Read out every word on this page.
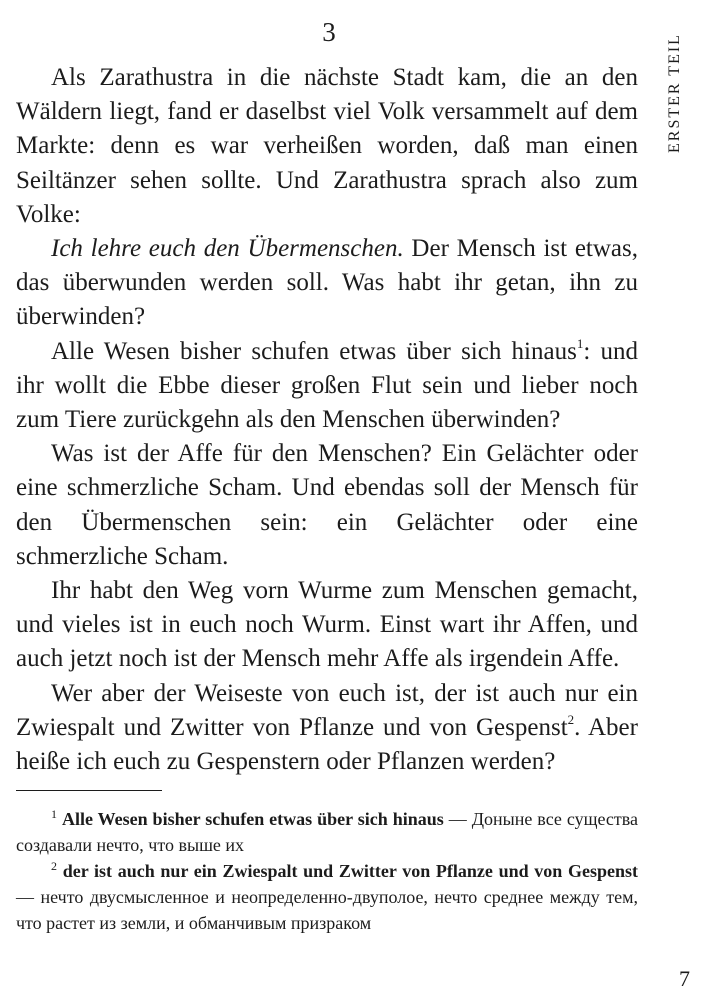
3
ERSTER TEIL

Als Zarathustra in die nächste Stadt kam, die an den Wäldern liegt, fand er daselbst viel Volk versammelt auf dem Markte: denn es war verheißen worden, daß man einen Seiltänzer sehen sollte. Und Zarathustra sprach also zum Volke:

Ich lehre euch den Übermenschen. Der Mensch ist etwas, das überwunden werden soll. Was habt ihr getan, ihn zu überwinden?

Alle Wesen bisher schufen etwas über sich hinaus$^1$: und ihr wollt die Ebbe dieser großen Flut sein und lieber noch zum Tiere zurückgehn als den Menschen überwinden?

Was ist der Affe für den Menschen? Ein Gelächter oder eine schmerzliche Scham. Und ebendas soll der Mensch für den Übermenschen sein: ein Gelächter oder eine schmerzliche Scham.

Ihr habt den Weg vorn Wurme zum Menschen gemacht, und vieles ist in euch noch Wurm. Einst wart ihr Affen, und auch jetzt noch ist der Mensch mehr Affe als irgendein Affe.

Wer aber der Weiseste von euch ist, der ist auch nur ein Zwiespalt und Zwitter von Pflanze und von Gespenst$^2$. Aber heiße ich euch zu Gespenstern oder Pflanzen werden?

$^1$ Alle Wesen bisher schufen etwas über sich hinaus — Доныне все существа создавали нечто, что выше их

$^2$ der ist auch nur ein Zwiespalt und Zwitter von Pflanze und von Gespenst — нечто двусмысленное и неопределенно-двуполое, нечто среднее между тем, что растет из земли, и обманчивым призраком

7
